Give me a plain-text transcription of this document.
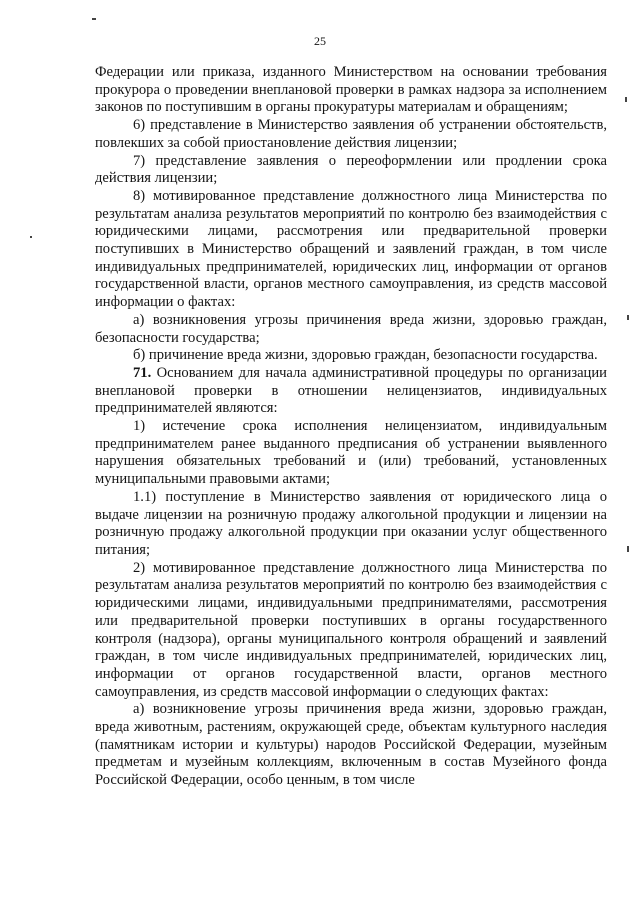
25

Федерации или приказа, изданного Министерством на основании требования прокурора о проведении внеплановой проверки в рамках надзора за исполнением законов по поступившим в органы прокуратуры материалам и обращениям;

6) представление в Министерство заявления об устранении обстоятельств, повлекших за собой приостановление действия лицензии;

7) представление заявления о переоформлении или продлении срока действия лицензии;

8) мотивированное представление должностного лица Министерства по результатам анализа результатов мероприятий по контролю без взаимодействия с юридическими лицами, рассмотрения или предварительной проверки поступивших в Министерство обращений и заявлений граждан, в том числе индивидуальных предпринимателей, юридических лиц, информации от органов государственной власти, органов местного самоуправления, из средств массовой информации о фактах:

а) возникновения угрозы причинения вреда жизни, здоровью граждан, безопасности государства;

б) причинение вреда жизни, здоровью граждан, безопасности государства.

71. Основанием для начала административной процедуры по организации внеплановой проверки в отношении нелицензиатов, индивидуальных предпринимателей являются:

1) истечение срока исполнения нелицензиатом, индивидуальным предпринимателем ранее выданного предписания об устранении выявленного нарушения обязательных требований и (или) требований, установленных муниципальными правовыми актами;

1.1) поступление в Министерство заявления от юридического лица о выдаче лицензии на розничную продажу алкогольной продукции и лицензии на розничную продажу алкогольной продукции при оказании услуг общественного питания;

2) мотивированное представление должностного лица Министерства по результатам анализа результатов мероприятий по контролю без взаимодействия с юридическими лицами, индивидуальными предпринимателями, рассмотрения или предварительной проверки поступивших в органы государственного контроля (надзора), органы муниципального контроля обращений и заявлений граждан, в том числе индивидуальных предпринимателей, юридических лиц, информации от органов государственной власти, органов местного самоуправления, из средств массовой информации о следующих фактах:

а) возникновение угрозы причинения вреда жизни, здоровью граждан, вреда животным, растениям, окружающей среде, объектам культурного наследия (памятникам истории и культуры) народов Российской Федерации, музейным предметам и музейным коллекциям, включенным в состав Музейного фонда Российской Федерации, особо ценным, в том числе
